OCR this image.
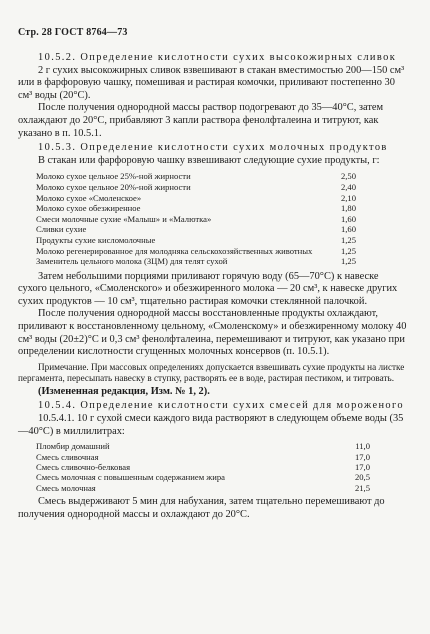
Стр. 28 ГОСТ 8764—73

10.5.2. Определение кислотности сухих высокожирных сливок

2 г сухих высокожирных сливок взвешивают в стакан вместимостью 200—150 см³ или в фарфоровую чашку, помешивая и растирая комочки, приливают постепенно 30 см³ воды (20°С).

После получения однородной массы раствор подогревают до 35—40°С, затем охлаждают до 20°С, прибавляют 3 капли раствора фенолфталеина и титруют, как указано в п. 10.5.1.

10.5.3. Определение кислотности сухих молочных продуктов

В стакан или фарфоровую чашку взвешивают следующие сухие продукты, г:

Молоко сухое цельное 25%-ной жирности	2,50
Молоко сухое цельное 20%-ной жирности	2,40
Молоко сухое «Смоленское»	2,10
Молоко сухое обезжиренное	1,80
Смеси молочные сухие «Малыш» и «Малютка»	1,60
Сливки сухие	1,60
Продукты сухие кисломолочные	1,25
Молоко регенерированное для молодняка сельскохозяйственных животных	1,25
Заменитель цельного молока (ЗЦМ) для телят сухой	1,25

Затем небольшими порциями приливают горячую воду (65—70°С) к навеске сухого цельного, «Смоленского» и обезжиренного молока — 20 см³, к навеске других сухих продуктов — 10 см³, тщательно растирая комочки стеклянной палочкой.

После получения однородной массы восстановленные продукты охлаждают, приливают к восстановленному цельному, «Смоленскому» и обезжиренному молоку 40 см³ воды (20±2)°С и 0,3 см³ фенолфталеина, перемешивают и титруют, как указано при определении кислотности сгущенных молочных консервов (п. 10.5.1).

Примечание. При массовых определениях допускается взвешивать сухие продукты на листке пергамента, пересыпать навеску в ступку, растворять ее в воде, растирая пестиком, и титровать.

(Измененная редакция, Изм. № 1, 2).

10.5.4. Определение кислотности сухих смесей для мороженого

10.5.4.1. 10 г сухой смеси каждого вида растворяют в следующем объеме воды (35—40°С) в миллилитрах:

Пломбир домашний	11,0
Смесь сливочная	17,0
Смесь сливочно-белковая	17,0
Смесь молочная с повышенным содержанием жира	20,5
Смесь молочная	21,5

Смесь выдерживают 5 мин для набухания, затем тщательно перемешивают до получения однородной массы и охлаждают до 20°С.
